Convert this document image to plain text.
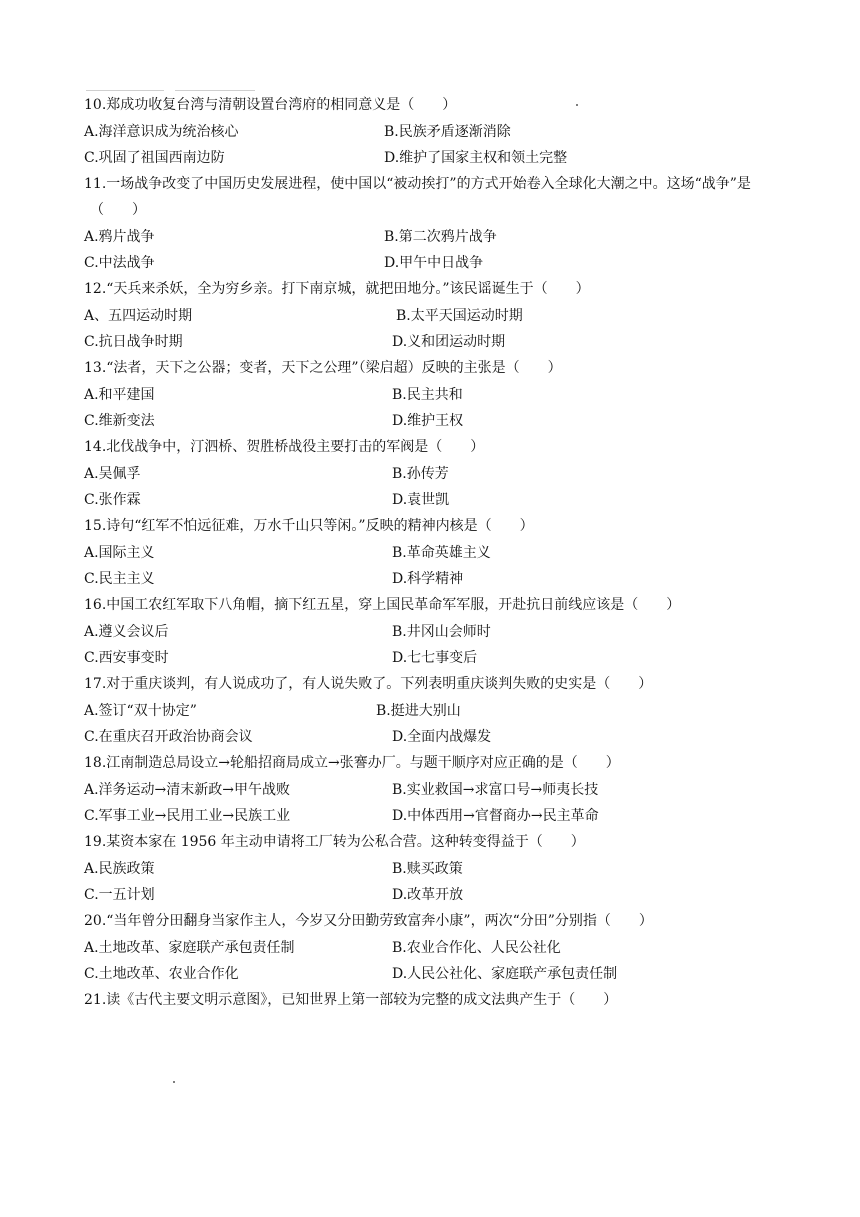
10.郑成功收复台湾与清朝设置台湾府的相同意义是（　　）
A.海洋意识成为统治核心	B.民族矛盾逐渐消除
C.巩固了祖国西南边防	D.维护了国家主权和领土完整
11.一场战争改变了中国历史发展进程，使中国以“被动挨打”的方式开始卷入全球化大潮之中。这场“战争”是
（　　）
A.鸦片战争	B.第二次鸦片战争
C.中法战争	D.甲午中日战争
12.“天兵来杀妖，全为穷乡亲。打下南京城，就把田地分。”该民谣诞生于（　　）
A、五四运动时期	B.太平天国运动时期
C.抗日战争时期	D.义和团运动时期
13.“法者，天下之公器；变者，天下之公理”（梁启超）反映的主张是（　　）
A.和平建国	B.民主共和
C.维新变法	D.维护王权
14.北伐战争中，汀泗桥、贺胜桥战役主要打击的军阀是（　　）
A.吴佩孚	B.孙传芳
C.张作霖	D.袁世凯
15.诗句“红军不怕远征难，万水千山只等闲。”反映的精神内核是（　　）
A.国际主义	B.革命英雄主义
C.民主主义	D.科学精神
16.中国工农红军取下八角帽，摘下红五星，穿上国民革命军军服，开赴抗日前线应该是（　　）
A.遵义会议后	B.井冈山会师时
C.西安事变时	D.七七事变后
17.对于重庆谈判，有人说成功了，有人说失败了。下列表明重庆谈判失败的史实是（　　）
A.签订“双十协定”	B.挺进大别山
C.在重庆召开政治协商会议	D.全面内战爆发
18.江南制造总局设立→轮船招商局成立→张謇办厂。与题干顺序对应正确的是（　　）
A.洋务运动→清末新政→甲午战败	B.实业救国→求富口号→师夷长技
C.军事工业→民用工业→民族工业	D.中体西用→官督商办→民主革命
19.某资本家在 1956 年主动申请将工厂转为公私合营。这种转变得益于（　　）
A.民族政策	B.赎买政策
C.一五计划	D.改革开放
20.“当年曾分田翻身当家作主人，今岁又分田勤劳致富奔小康”，两次“分田”分别指（　　）
A.土地改革、家庭联产承包责任制	B.农业合作化、人民公社化
C.土地改革、农业合作化	D.人民公社化、家庭联产承包责任制
21.读《古代主要文明示意图》，已知世界上第一部较为完整的成文法典产生于（　　）
